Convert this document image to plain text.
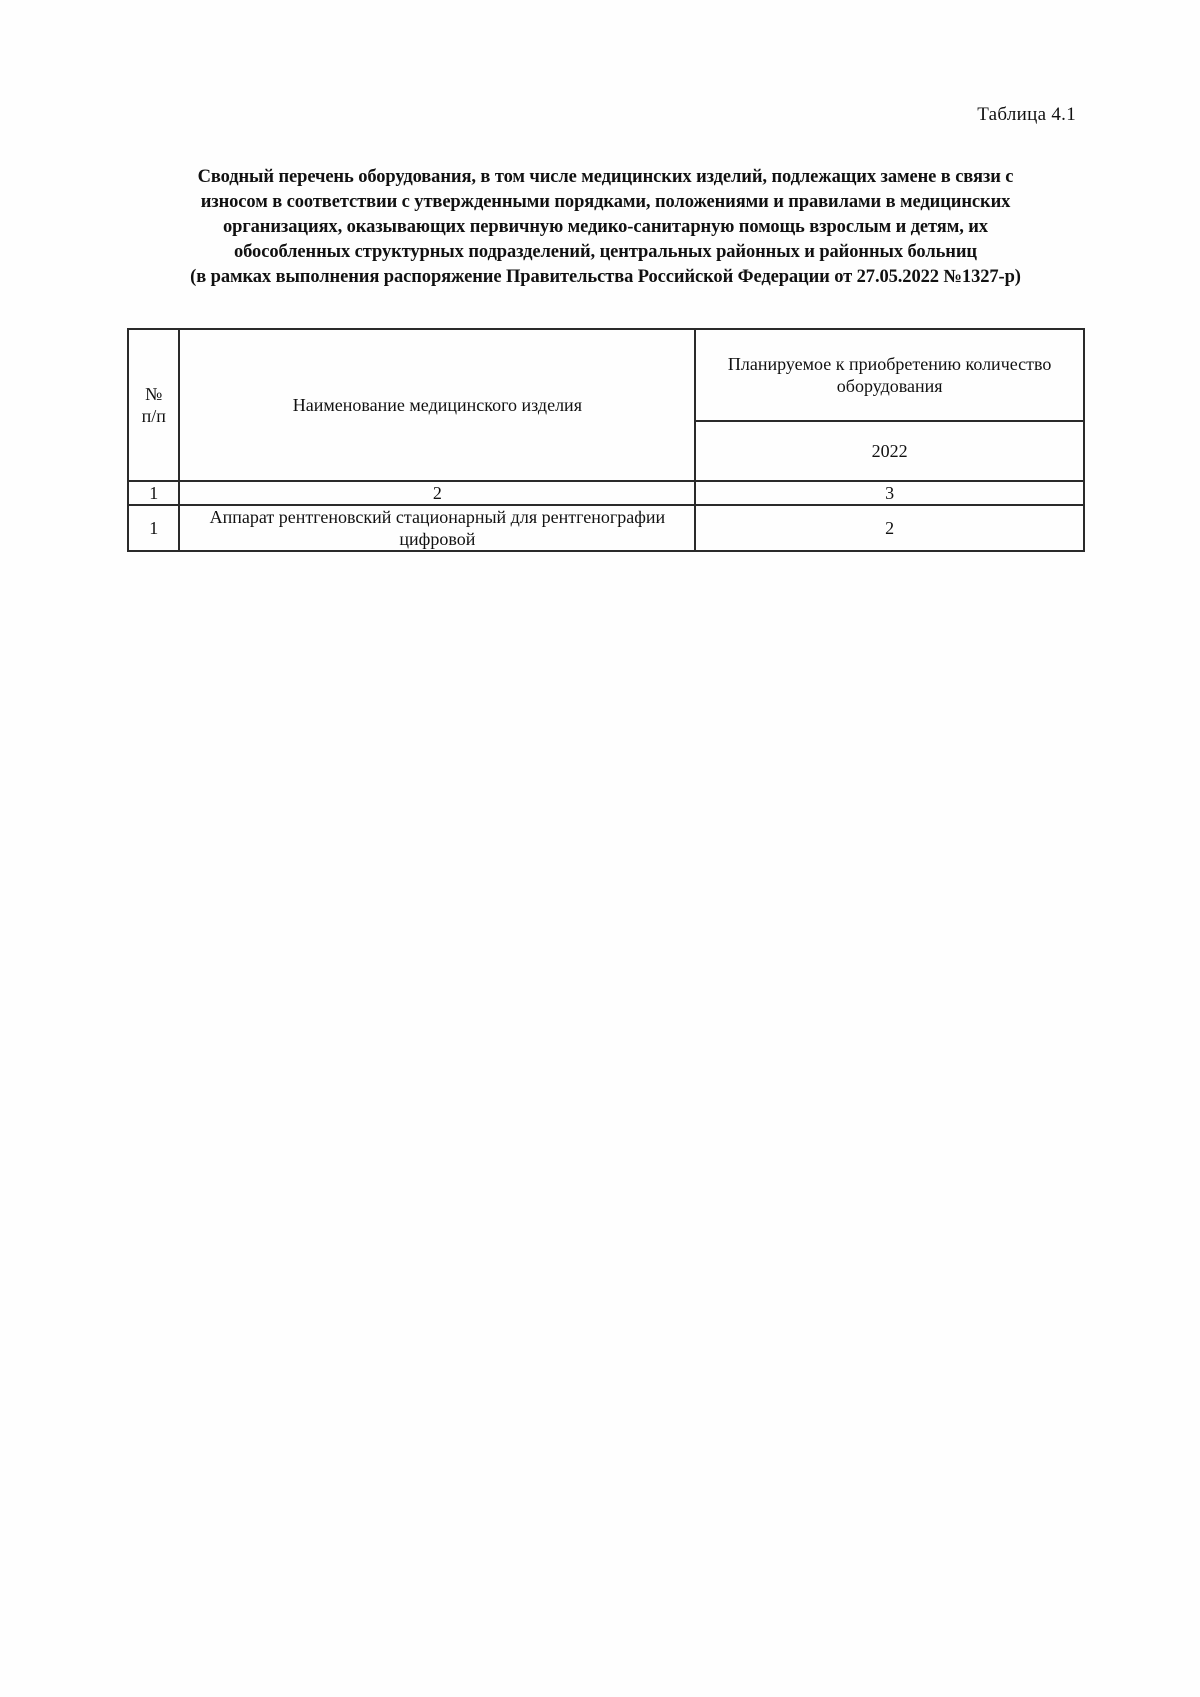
Таблица 4.1
Сводный перечень оборудования, в том числе медицинских изделий, подлежащих замене в связи с
износом в соответствии с утвержденными порядками, положениями и правилами в медицинских
организациях, оказывающих первичную медико-санитарную помощь взрослым и детям, их
обособленных структурных подразделений, центральных районных и районных больниц
(в рамках выполнения распоряжение Правительства Российской Федерации от 27.05.2022 №1327-р)
№
п/п	Наименование медицинского изделия	Планируемое к приобретению количество оборудования
		2022
1	2	3
1	Аппарат рентгеновский стационарный для рентгенографии цифровой	2
